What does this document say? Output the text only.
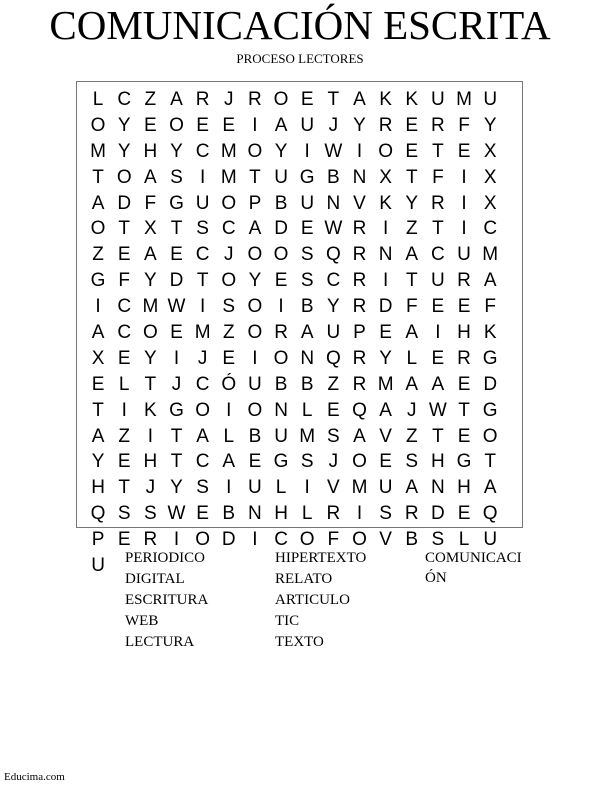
COMUNICACIÓN ESCRITA
PROCESO LECTORES
L C Z A R J R O E T A K K U M U
O Y E O E E I A U J Y R E R F Y
M Y H Y C M O Y I W I O E T E X
T O A S I M T U G B N X T F I X
A D F G U O P B U N V K Y R I X
O T X T S C A D E W R I Z T I C
Z E A E C J O O S Q R N A C U M
G F Y D T O Y E S C R I T U R A
I C M W I S O I B Y R D F E E F
A C O E M Z O R A U P E A I H K
X E Y I J E I O N Q R Y L E R G
E L T J C Ó U B B Z R M A A E D
T I K G O I O N L E Q A J W T G
A Z I T A L B U M S A V Z T E O
Y E H T C A E G S J O E S H G T
H T J Y S I U L I V M U A N H A
Q S S W E B N H L R I S R D E Q
P E R I O D I C O F O V B S L U
U	PERIODICO
DIGITAL
ESCRITURA
WEB
LECTURA
HIPERTEXTO
RELATO
ARTICULO
TIC
TEXTO
COMUNICACIÓN
Educima.com
